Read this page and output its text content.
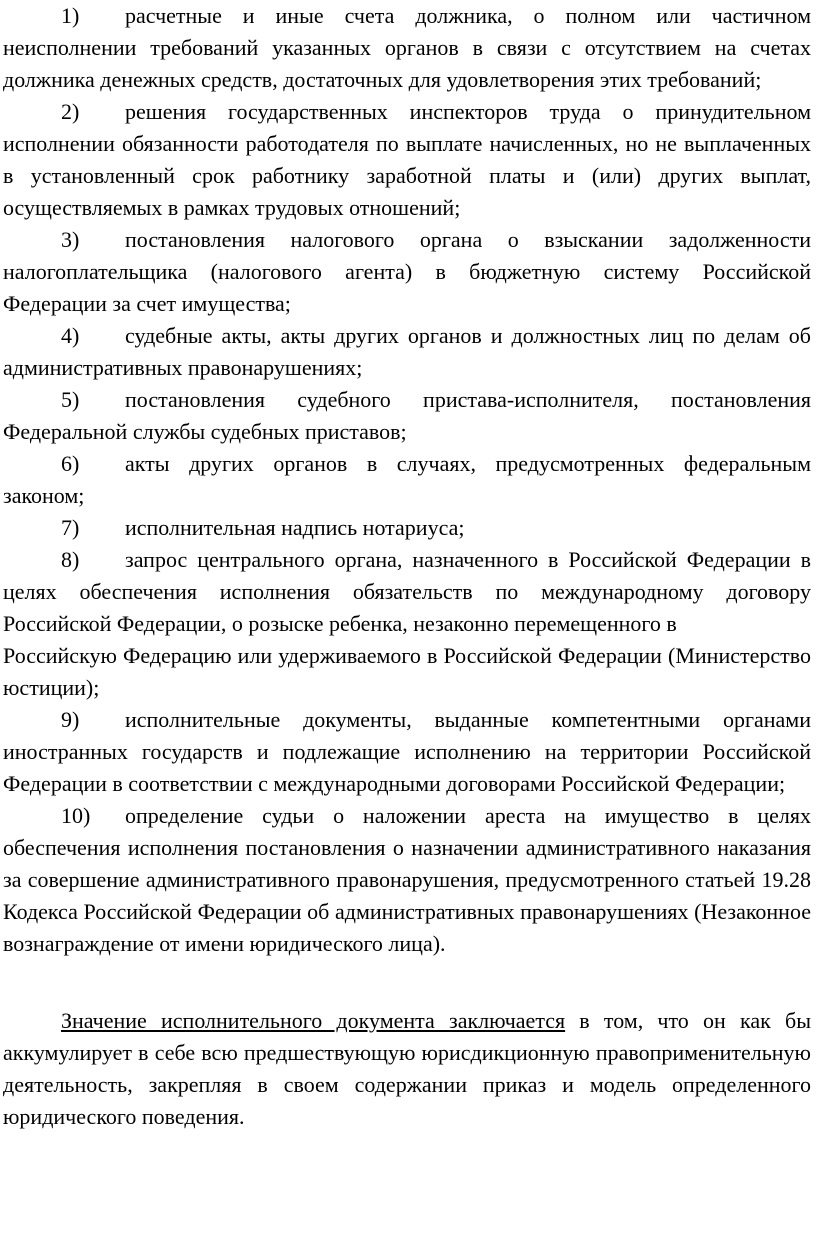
1) расчетные и иные счета должника, о полном или частичном неисполнении требований указанных органов в связи с отсутствием на счетах должника денежных средств, достаточных для удовлетворения этих требований;

2) решения государственных инспекторов труда о принудительном исполнении обязанности работодателя по выплате начисленных, но не выплаченных в установленный срок работнику заработной платы и (или) других выплат, осуществляемых в рамках трудовых отношений;

3) постановления налогового органа о взыскании задолженности налогоплательщика (налогового агента) в бюджетную систему Российской Федерации за счет имущества;

4) судебные акты, акты других органов и должностных лиц по делам об административных правонарушениях;

5) постановления судебного пристава-исполнителя, постановления Федеральной службы судебных приставов;

6) акты других органов в случаях, предусмотренных федеральным законом;

7) исполнительная надпись нотариуса;

8) запрос центрального органа, назначенного в Российской Федерации в целях обеспечения исполнения обязательств по международному договору Российской Федерации, о розыске ребенка, незаконно перемещенного в

Российскую Федерацию или удерживаемого в Российской Федерации (Министерство юстиции);

9) исполнительные документы, выданные компетентными органами иностранных государств и подлежащие исполнению на территории Российской Федерации в соответствии с международными договорами Российской Федерации;

10) определение судьи о наложении ареста на имущество в целях обеспечения исполнения постановления о назначении административного наказания за совершение административного правонарушения, предусмотренного статьей 19.28 Кодекса Российской Федерации об административных правонарушениях (Незаконное вознаграждение от имени юридического лица).

Значение исполнительного документа заключается в том, что он как бы аккумулирует в себе всю предшествующую юрисдикционную правоприменительную деятельность, закрепляя в своем содержании приказ и модель определенного юридического поведения.
